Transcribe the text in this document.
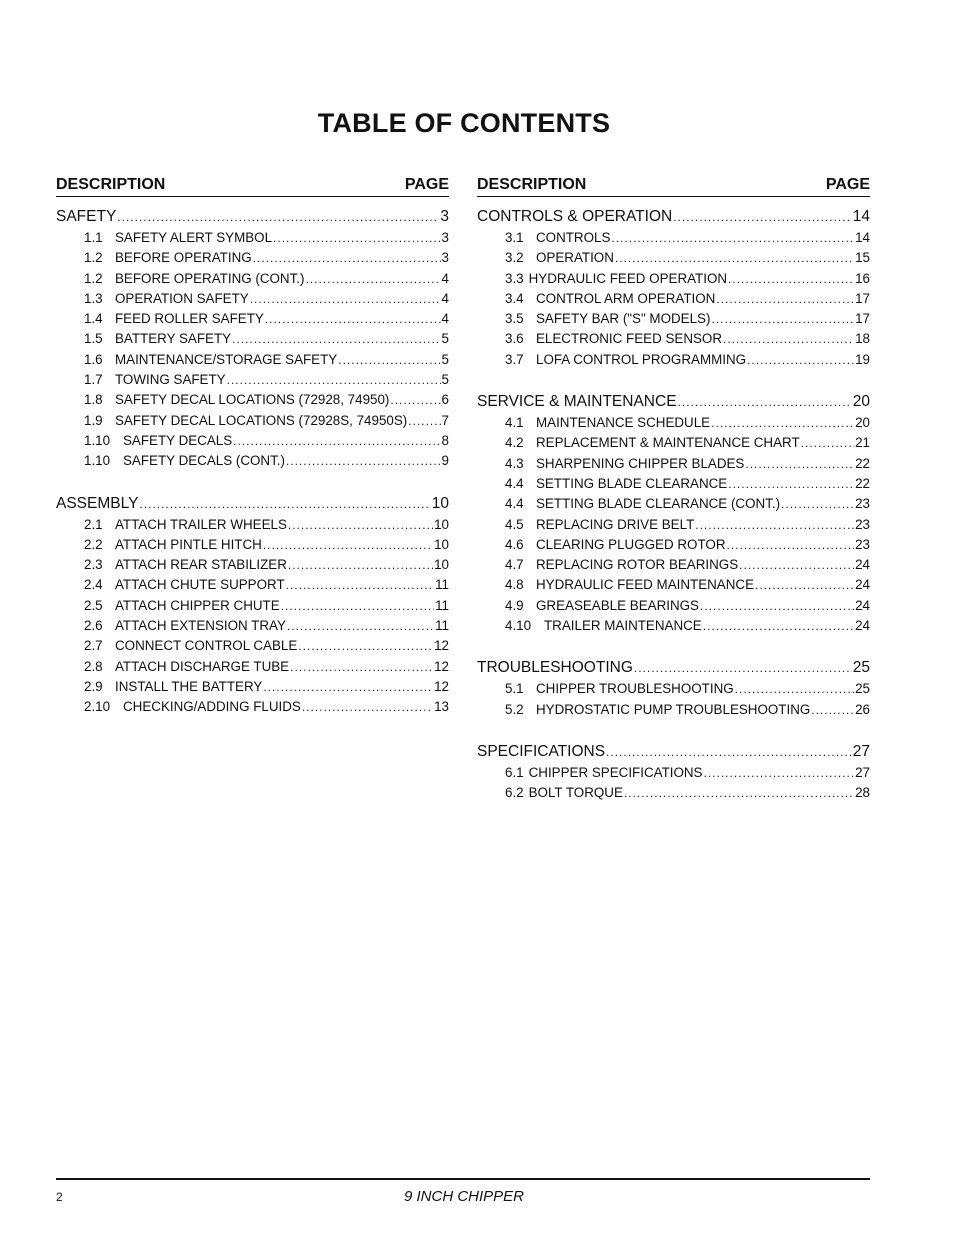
TABLE OF CONTENTS
DESCRIPTION	PAGE
SAFETY .....	3
1.1 SAFETY ALERT SYMBOL .....	3
1.2 BEFORE OPERATING .....	3
1.2 BEFORE OPERATING (CONT.) .....	4
1.3 OPERATION SAFETY .....	4
1.4 FEED ROLLER SAFETY .....	4
1.5 BATTERY SAFETY .....	5
1.6 MAINTENANCE/STORAGE SAFETY .....	5
1.7 TOWING SAFETY .....	5
1.8 SAFETY DECAL LOCATIONS (72928, 74950) .....	6
1.9 SAFETY DECAL LOCATIONS (72928S, 74950S) .....	7
1.10 SAFETY DECALS .....	8
1.10 SAFETY DECALS (CONT.) .....	9
ASSEMBLY .....	10
2.1 ATTACH TRAILER WHEELS .....	10
2.2 ATTACH PINTLE HITCH .....	10
2.3 ATTACH REAR STABILIZER .....	10
2.4 ATTACH CHUTE SUPPORT .....	11
2.5 ATTACH CHIPPER CHUTE .....	11
2.6 ATTACH EXTENSION TRAY .....	11
2.7 CONNECT CONTROL CABLE .....	12
2.8 ATTACH DISCHARGE TUBE .....	12
2.9 INSTALL THE BATTERY .....	12
2.10 CHECKING/ADDING FLUIDS .....	13
DESCRIPTION	PAGE
CONTROLS & OPERATION .....	14
3.1 CONTROLS .....	14
3.2 OPERATION .....	15
3.3 HYDRAULIC FEED OPERATION .....	16
3.4 CONTROL ARM OPERATION .....	17
3.5 SAFETY BAR ("S" MODELS) .....	17
3.6 ELECTRONIC FEED SENSOR .....	18
3.7 LOFA CONTROL PROGRAMMING .....	19
SERVICE & MAINTENANCE .....	20
4.1 MAINTENANCE SCHEDULE .....	20
4.2 REPLACEMENT & MAINTENANCE CHART .....	21
4.3 SHARPENING CHIPPER BLADES .....	22
4.4 SETTING BLADE CLEARANCE .....	22
4.4 SETTING BLADE CLEARANCE (CONT.) .....	23
4.5 REPLACING DRIVE BELT .....	23
4.6 CLEARING PLUGGED ROTOR .....	23
4.7 REPLACING ROTOR BEARINGS .....	24
4.8 HYDRAULIC FEED MAINTENANCE .....	24
4.9 GREASEABLE BEARINGS .....	24
4.10 TRAILER MAINTENANCE .....	24
TROUBLESHOOTING .....	25
5.1 CHIPPER TROUBLESHOOTING .....	25
5.2 HYDROSTATIC PUMP TROUBLESHOOTING .....	26
SPECIFICATIONS .....	27
6.1 CHIPPER SPECIFICATIONS .....	27
6.2 BOLT TORQUE .....	28
2	9 INCH CHIPPER
